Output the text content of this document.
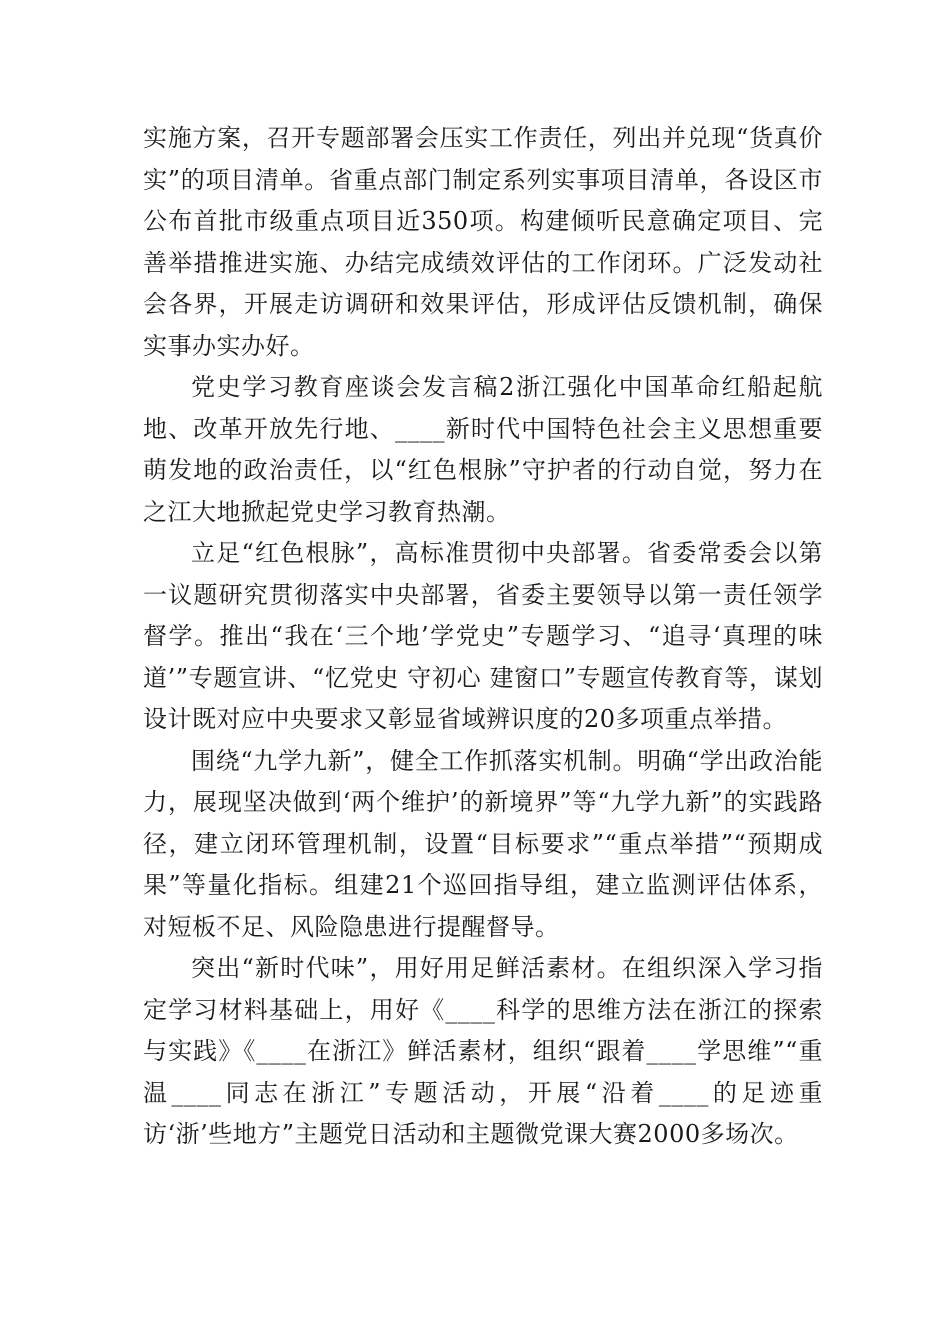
实施方案，召开专题部署会压实工作责任，列出并兑现“货真价实”的项目清单。省重点部门制定系列实事项目清单，各设区市公布首批市级重点项目近350项。构建倾听民意确定项目、完善举措推进实施、办结完成绩效评估的工作闭环。广泛发动社会各界，开展走访调研和效果评估，形成评估反馈机制，确保实事办实办好。

党史学习教育座谈会发言稿2浙江强化中国革命红船起航地、改革开放先行地、____新时代中国特色社会主义思想重要萌发地的政治责任，以“红色根脉”守护者的行动自觉，努力在之江大地掀起党史学习教育热潮。

立足“红色根脉”，高标准贯彻中央部署。省委常委会以第一议题研究贯彻落实中央部署，省委主要领导以第一责任领学督学。推出“我在‘三个地’学党史”专题学习、“追寻‘真理的味道’”专题宣讲、“忆党史 守初心 建窗口”专题宣传教育等，谋划设计既对应中央要求又彰显省域辨识度的20多项重点举措。

围绕“九学九新”，健全工作抓落实机制。明确“学出政治能力，展现坚决做到‘两个维护’的新境界”等“九学九新”的实践路径，建立闭环管理机制，设置“目标要求”“重点举措”“预期成果”等量化指标。组建21个巡回指导组，建立监测评估体系，对短板不足、风险隐患进行提醒督导。

突出“新时代味”，用好用足鲜活素材。在组织深入学习指定学习材料基础上，用好《____科学的思维方法在浙江的探索与实践》《____在浙江》鲜活素材，组织“跟着____学思维”“重温____同志在浙江”专题活动，开展“沿着____的足迹重访‘浙’些地方”主题党日活动和主题微党课大赛2000多场次。
